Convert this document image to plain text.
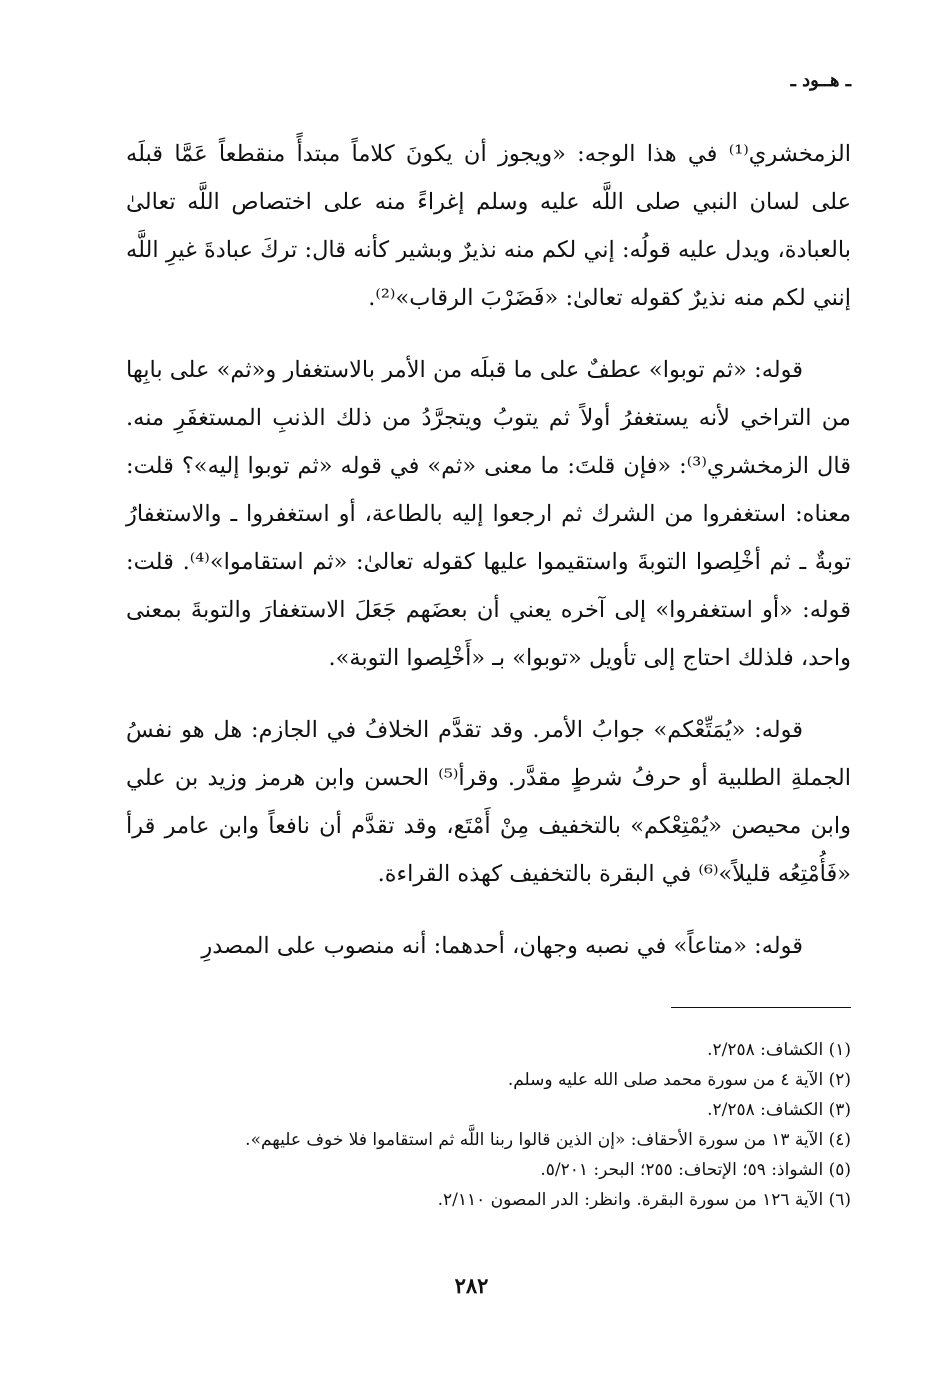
ـ هــود ـ

الزمخشري⁽¹⁾ في هذا الوجه: «ويجوز أن يكونَ كلاماً مبتدأً منقطعاً عَمَّا قبلَه على لسان النبي صلى اللَّه عليه وسلم إغراءً منه على اختصاص اللَّه تعالىٰ بالعبادة، ويدل عليه قولُه: إني لكم منه نذيرٌ وبشير كأنه قال: تركَ عبادةَ غيرِ اللَّه إنني لكم منه نذيرٌ كقوله تعالىٰ: «فَضَرْبَ الرقاب»⁽²⁾.

قوله: «ثم توبوا» عطفٌ على ما قبلَه من الأمر بالاستغفار و«ثم» على بابِها من التراخي لأنه يستغفرُ أولاً ثم يتوبُ ويتجرَّدُ من ذلك الذنبِ المستغفَرِ منه. قال الزمخشري⁽³⁾: «فإن قلتَ: ما معنى «ثم» في قوله «ثم توبوا إليه»؟ قلت: معناه: استغفروا من الشرك ثم ارجعوا إليه بالطاعة، أو استغفروا ـ والاستغفارُ توبةٌ ـ ثم أخْلِصوا التوبةَ واستقيموا عليها كقوله تعالىٰ: «ثم استقاموا»⁽⁴⁾. قلت: قوله: «أو استغفروا» إلى آخره يعني أن بعضَهم جَعَلَ الاستغفارَ والتوبةَ بمعنى واحد، فلذلك احتاج إلى تأويل «توبوا» بـ «أَخْلِصوا التوبة».

قوله: «يُمَتِّعْكم» جوابُ الأمر. وقد تقدَّم الخلافُ في الجازم: هل هو نفسُ الجملةِ الطلبية أو حرفُ شرطٍ مقدَّر. وقرأ⁽⁵⁾ الحسن وابن هرمز وزيد بن علي وابن محيصن «يُمْتِعْكم» بالتخفيف مِنْ أَمْتَع، وقد تقدَّم أن نافعاً وابن عامر قرأ «فَأُمْتِعُه قليلاً»⁽⁶⁾ في البقرة بالتخفيف كهذه القراءة.

قوله: «متاعاً» في نصبه وجهان، أحدهما: أنه منصوب على المصدرِ

(١) الكشاف: ٢/٢٥٨.
(٢) الآية ٤ من سورة محمد صلى الله عليه وسلم.
(٣) الكشاف: ٢/٢٥٨.
(٤) الآية ١٣ من سورة الأحقاف: «إن الذين قالوا ربنا اللَّه ثم استقاموا فلا خوف عليهم».
(٥) الشواذ: ٥٩؛ الإتحاف: ٢٥٥؛ البحر: ٥/٢٠١.
(٦) الآية ١٢٦ من سورة البقرة. وانظر: الدر المصون ٢/١١٠.
٢٨٢
